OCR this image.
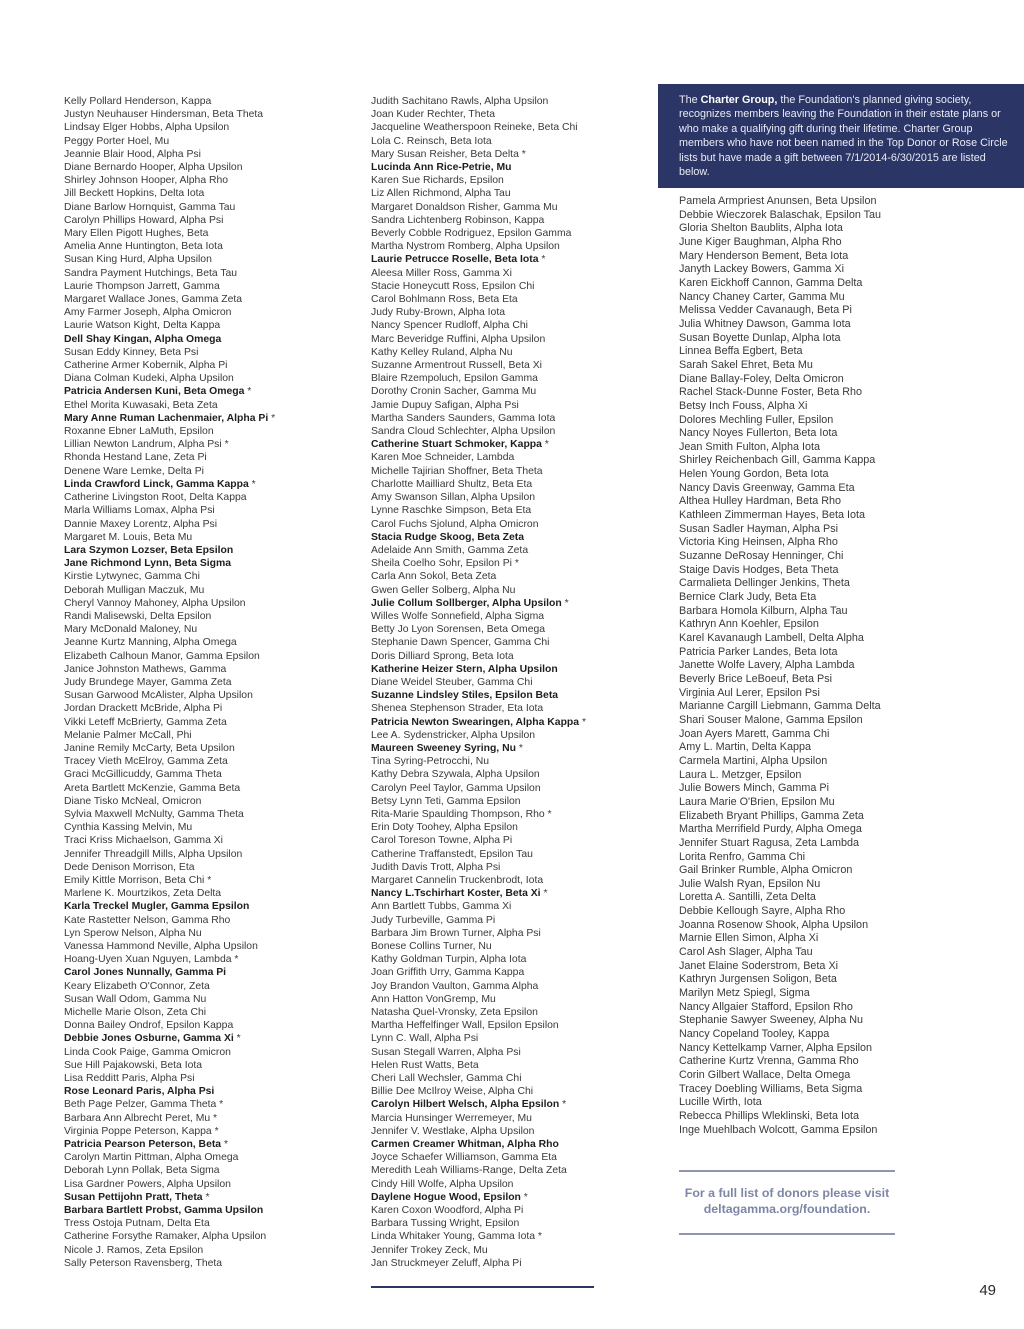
Kelly Pollard Henderson, Kappa
Justyn Neuhauser Hindersman, Beta Theta
Lindsay Elger Hobbs, Alpha Upsilon
Peggy Porter Hoel, Mu
Jeannie Blair Hood, Alpha Psi
Diane Bernardo Hooper, Alpha Upsilon
Shirley Johnson Hooper, Alpha Rho
Jill Beckett Hopkins, Delta Iota
Diane Barlow Hornquist, Gamma Tau
Carolyn Phillips Howard, Alpha Psi
Mary Ellen Pigott Hughes, Beta
Amelia Anne Huntington, Beta Iota
Susan King Hurd, Alpha Upsilon
Sandra Payment Hutchings, Beta Tau
Laurie Thompson Jarrett, Gamma
Margaret Wallace Jones, Gamma Zeta
Amy Farmer Joseph, Alpha Omicron
Laurie Watson Kight, Delta Kappa
Dell Shay Kingan, Alpha Omega
Susan Eddy Kinney, Beta Psi
Catherine Armer Kobernik, Alpha Pi
Diana Colman Kudeki, Alpha Upsilon
Patricia Andersen Kuni, Beta Omega *
Ethel Morita Kuwasaki, Beta Zeta
Mary Anne Ruman Lachenmaier, Alpha Pi *
Roxanne Ebner LaMuth, Epsilon
Lillian Newton Landrum, Alpha Psi *
Rhonda Hestand Lane, Zeta Pi
Denene Ware Lemke, Delta Pi
Linda Crawford Linck, Gamma Kappa *
Catherine Livingston Root, Delta Kappa
Marla Williams Lomax, Alpha Psi
Dannie Maxey Lorentz, Alpha Psi
Margaret M. Louis, Beta Mu
Lara Szymon Lozser, Beta Epsilon
Jane Richmond Lynn, Beta Sigma
Kirstie Lytwynec, Gamma Chi
Deborah Mulligan Maczuk, Mu
Cheryl Vannoy Mahoney, Alpha Upsilon
Randi Malisewski, Delta Epsilon
Mary McDonald Maloney, Nu
Jeanne Kurtz Manning, Alpha Omega
Elizabeth Calhoun Manor, Gamma Epsilon
Janice Johnston Mathews, Gamma
Judy Brundege Mayer, Gamma Zeta
Susan Garwood McAlister, Alpha Upsilon
Jordan Drackett McBride, Alpha Pi
Vikki Leteff McBrierty, Gamma Zeta
Melanie Palmer McCall, Phi
Janine Remily McCarty, Beta Upsilon
Tracey Vieth McElroy, Gamma Zeta
Graci McGillicuddy, Gamma Theta
Areta Bartlett McKenzie, Gamma Beta
Diane Tisko McNeal, Omicron
Sylvia Maxwell McNulty, Gamma Theta
Cynthia Kassing Melvin, Mu
Traci Kriss Michaelson, Gamma Xi
Jennifer Threadgill Mills, Alpha Upsilon
Dede Denison Morrison, Eta
Emily Kittle Morrison, Beta Chi *
Marlene K. Mourtzikos, Zeta Delta
Karla Treckel Mugler, Gamma Epsilon
Kate Rastetter Nelson, Gamma Rho
Lyn Sperow Nelson, Alpha Nu
Vanessa Hammond Neville, Alpha Upsilon
Hoang-Uyen Xuan Nguyen, Lambda *
Carol Jones Nunnally, Gamma Pi
Keary Elizabeth O'Connor, Zeta
Susan Wall Odom, Gamma Nu
Michelle Marie Olson, Zeta Chi
Donna Bailey Ondrof, Epsilon Kappa
Debbie Jones Osburne, Gamma Xi *
Linda Cook Paige, Gamma Omicron
Sue Hill Pajakowski, Beta Iota
Lisa Redditt Paris, Alpha Psi
Rose Leonard Paris, Alpha Psi
Beth Page Pelzer, Gamma Theta *
Barbara Ann Albrecht Peret, Mu *
Virginia Poppe Peterson, Kappa *
Patricia Pearson Peterson, Beta *
Carolyn Martin Pittman, Alpha Omega
Deborah Lynn Pollak, Beta Sigma
Lisa Gardner Powers, Alpha Upsilon
Susan Pettijohn Pratt, Theta *
Barbara Bartlett Probst, Gamma Upsilon
Tress Ostoja Putnam, Delta Eta
Catherine Forsythe Ramaker, Alpha Upsilon
Nicole J. Ramos, Zeta Epsilon
Sally Peterson Ravensberg, Theta
Judith Sachitano Rawls, Alpha Upsilon
Joan Kuder Rechter, Theta
Jacqueline Weatherspoon Reineke, Beta Chi
Lola C. Reinsch, Beta Iota
Mary Susan Reisher, Beta Delta *
Lucinda Ann Rice-Petrie, Mu
Karen Sue Richards, Epsilon
Liz Allen Richmond, Alpha Tau
Margaret Donaldson Risher, Gamma Mu
Sandra Lichtenberg Robinson, Kappa
Beverly Cobble Rodriguez, Epsilon Gamma
Martha Nystrom Romberg, Alpha Upsilon
Laurie Petrucce Roselle, Beta Iota *
Aleesa Miller Ross, Gamma Xi
Stacie Honeycutt Ross, Epsilon Chi
Carol Bohlmann Ross, Beta Eta
Judy Ruby-Brown, Alpha Iota
Nancy Spencer Rudloff, Alpha Chi
Marc Beveridge Ruffini, Alpha Upsilon
Kathy Kelley Ruland, Alpha Nu
Suzanne Armentrout Russell, Beta Xi
Blaire Rzempoluch, Epsilon Gamma
Dorothy Cronin Sacher, Gamma Mu
Jamie Dupuy Safigan, Alpha Psi
Martha Sanders Saunders, Gamma Iota
Sandra Cloud Schlechter, Alpha Upsilon
Catherine Stuart Schmoker, Kappa *
Karen Moe Schneider, Lambda
Michelle Tajirian Shoffner, Beta Theta
Charlotte Mailliard Shultz, Beta Eta
Amy Swanson Sillan, Alpha Upsilon
Lynne Raschke Simpson, Beta Eta
Carol Fuchs Sjolund, Alpha Omicron
Stacia Rudge Skoog, Beta Zeta
Adelaide Ann Smith, Gamma Zeta
Sheila Coelho Sohr, Epsilon Pi *
Carla Ann Sokol, Beta Zeta
Gwen Geller Solberg, Alpha Nu
Julie Collum Sollberger, Alpha Upsilon *
Willes Wolfe Sonnefield, Alpha Sigma
Betty Jo Lyon Sorensen, Beta Omega
Stephanie Dawn Spencer, Gamma Chi
Doris Dilliard Sprong, Beta Iota
Katherine Heizer Stern, Alpha Upsilon
Diane Weidel Steuber, Gamma Chi
Suzanne Lindsley Stiles, Epsilon Beta
Shenea Stephenson Strader, Eta Iota
Patricia Newton Swearingen, Alpha Kappa *
Lee A. Sydenstricker, Alpha Upsilon
Maureen Sweeney Syring, Nu *
Tina Syring-Petrocchi, Nu
Kathy Debra Szywala, Alpha Upsilon
Carolyn Peel Taylor, Gamma Upsilon
Betsy Lynn Teti, Gamma Epsilon
Rita-Marie Spaulding Thompson, Rho *
Erin Doty Toohey, Alpha Epsilon
Carol Toreson Towne, Alpha Pi
Catherine Traffanstedt, Epsilon Tau
Judith Davis Trott, Alpha Psi
Margaret Cannelin Truckenbrodt, Iota
Nancy L.Tschirhart Koster, Beta Xi *
Ann Bartlett Tubbs, Gamma Xi
Judy Turbeville, Gamma Pi
Barbara Jim Brown Turner, Alpha Psi
Bonese Collins Turner, Nu
Kathy Goldman Turpin, Alpha Iota
Joan Griffith Urry, Gamma Kappa
Joy Brandon Vaulton, Gamma Alpha
Ann Hatton VonGremp, Mu
Natasha Quel-Vronsky, Zeta Epsilon
Martha Heffelfinger Wall, Epsilon Epsilon
Lynn C. Wall, Alpha Psi
Susan Stegall Warren, Alpha Psi
Helen Rust Watts, Beta
Cheri Lall Wechsler, Gamma Chi
Billie Dee McIlroy Weise, Alpha Chi
Carolyn Hilbert Welsch, Alpha Epsilon *
Marcia Hunsinger Werremeyer, Mu
Jennifer V. Westlake, Alpha Upsilon
Carmen Creamer Whitman, Alpha Rho
Joyce Schaefer Williamson, Gamma Eta
Meredith Leah Williams-Range, Delta Zeta
Cindy Hill Wolfe, Alpha Upsilon
Daylene Hogue Wood, Epsilon *
Karen Coxon Woodford, Alpha Pi
Barbara Tussing Wright, Epsilon
Linda Whitaker Young, Gamma Iota *
Jennifer Trokey Zeck, Mu
Jan Struckmeyer Zeluff, Alpha Pi
The Charter Group, the Foundation's planned giving society, recognizes members leaving the Foundation in their estate plans or who make a qualifying gift during their lifetime. Charter Group members who have not been named in the Top Donor or Rose Circle lists but have made a gift between 7/1/2014-6/30/2015 are listed below.
Pamela Armpriest Anunsen, Beta Upsilon
Debbie Wieczorek Balaschak, Epsilon Tau
Gloria Shelton Baublits, Alpha Iota
June Kiger Baughman, Alpha Rho
Mary Henderson Bement, Beta Iota
Janyth Lackey Bowers, Gamma Xi
Karen Eickhoff Cannon, Gamma Delta
Nancy Chaney Carter, Gamma Mu
Melissa Vedder Cavanaugh, Beta Pi
Julia Whitney Dawson, Gamma Iota
Susan Boyette Dunlap, Alpha Iota
Linnea Beffa Egbert, Beta
Sarah Sakel Ehret, Beta Mu
Diane Ballay-Foley, Delta Omicron
Rachel Stack-Dunne Foster, Beta Rho
Betsy Inch Fouss, Alpha Xi
Dolores Mechling Fuller, Epsilon
Nancy Noyes Fullerton, Beta Iota
Jean Smith Fulton, Alpha Iota
Shirley Reichenbach Gill, Gamma Kappa
Helen Young Gordon, Beta Iota
Nancy Davis Greenway, Gamma Eta
Althea Hulley Hardman, Beta Rho
Kathleen Zimmerman Hayes, Beta Iota
Susan Sadler Hayman, Alpha Psi
Victoria King Heinsen, Alpha Rho
Suzanne DeRosay Henninger, Chi
Staige Davis Hodges, Beta Theta
Carmalieta Dellinger Jenkins, Theta
Bernice Clark Judy, Beta Eta
Barbara Homola Kilburn, Alpha Tau
Kathryn Ann Koehler, Epsilon
Karel Kavanaugh Lambell, Delta Alpha
Patricia Parker Landes, Beta Iota
Janette Wolfe Lavery, Alpha Lambda
Beverly Brice LeBoeuf, Beta Psi
Virginia Aul Lerer, Epsilon Psi
Marianne Cargill Liebmann, Gamma Delta
Shari Souser Malone, Gamma Epsilon
Joan Ayers Marett, Gamma Chi
Amy L. Martin, Delta Kappa
Carmela Martini, Alpha Upsilon
Laura L. Metzger, Epsilon
Julie Bowers Minch, Gamma Pi
Laura Marie O'Brien, Epsilon Mu
Elizabeth Bryant Phillips, Gamma Zeta
Martha Merrifield Purdy, Alpha Omega
Jennifer Stuart Ragusa, Zeta Lambda
Lorita Renfro, Gamma Chi
Gail Brinker Rumble, Alpha Omicron
Julie Walsh Ryan, Epsilon Nu
Loretta A. Santilli, Zeta Delta
Debbie Kellough Sayre, Alpha Rho
Joanna Rosenow Shook, Alpha Upsilon
Marnie Ellen Simon, Alpha Xi
Carol Ash Slager, Alpha Tau
Janet Elaine Soderstrom, Beta Xi
Kathryn Jurgensen Soligon, Beta
Marilyn Metz Spiegl, Sigma
Nancy Allgaier Stafford, Epsilon Rho
Stephanie Sawyer Sweeney, Alpha Nu
Nancy Copeland Tooley, Kappa
Nancy Kettelkamp Varner, Alpha Epsilon
Catherine Kurtz Vrenna, Gamma Rho
Corin Gilbert Wallace, Delta Omega
Tracey Doebling Williams, Beta Sigma
Lucille Wirth, Iota
Rebecca Phillips Wleklinski, Beta Iota
Inge Muehlbach Wolcott, Gamma Epsilon
For a full list of donors please visit
deltagamma.org/foundation.
49
